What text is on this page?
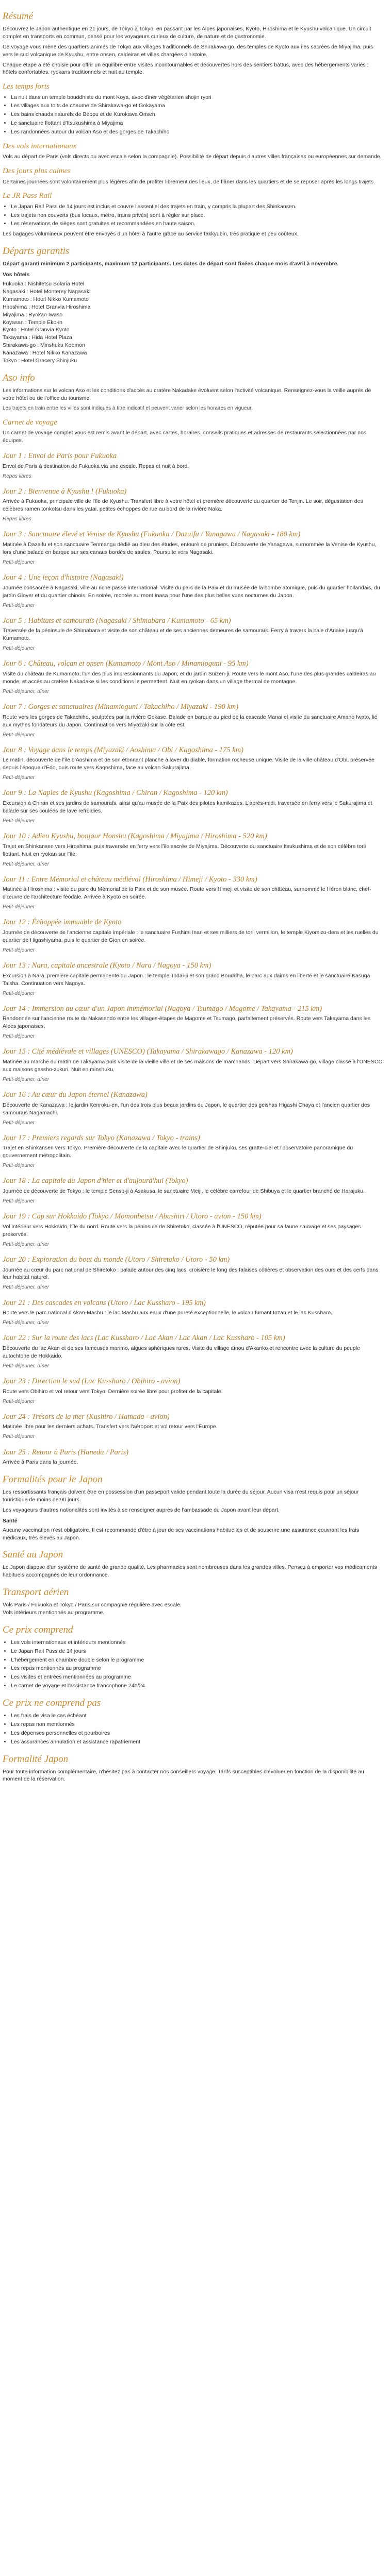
Résumé

Découvrez le Japon authentique en 21 jours, de Tokyo à Tokyo, en passant par les Alpes japonaises, Kyoto, Hiroshima et le Kyushu volcanique. Un circuit complet en transports en commun, pensé pour les voyageurs curieux de culture, de nature et de gastronomie.

Ce voyage vous mène des quartiers animés de Tokyo aux villages traditionnels de Shirakawa-go, des temples de Kyoto aux îles sacrées de Miyajima, puis vers le sud volcanique de Kyushu, entre onsen, caldeiras et villes chargées d'histoire.

Chaque étape a été choisie pour offrir un équilibre entre visites incontournables et découvertes hors des sentiers battus, avec des hébergements variés : hôtels confortables, ryokans traditionnels et nuit au temple.

Les temps forts
• La nuit dans un temple bouddhiste du mont Koya, avec dîner végétarien shojin ryori
• Les villages aux toits de chaume de Shirakawa-go et Gokayama
• Les bains chauds naturels de Beppu et de Kurokawa Onsen
• Le sanctuaire flottant d'Itsukushima à Miyajima
• Les randonnées autour du volcan Aso et des gorges de Takachiho
Des vols internationaux

Vols au départ de Paris (vols directs ou avec escale selon la compagnie). Possibilité de départ depuis d'autres villes françaises ou européennes sur demande.

Des jours plus calmes

Certaines journées sont volontairement plus légères afin de profiter librement des lieux, de flâner dans les quartiers et de se reposer après les longs trajets.

Le JR Pass Rail
• Le Japan Rail Pass de 14 jours est inclus et couvre l'essentiel des trajets en train, y compris la plupart des Shinkansen.
• Les trajets non couverts (bus locaux, métro, trains privés) sont à régler sur place.
• Les réservations de sièges sont gratuites et recommandées en haute saison.

Les bagages volumineux peuvent être envoyés d'un hôtel à l'autre grâce au service takkyubin, très pratique et peu coûteux.

Départs garantis

Départ garanti minimum 2 participants, maximum 12 participants. Les dates de départ sont fixées chaque mois d'avril à novembre.

Vos hôtels
Fukuoka : Nishitetsu Solaria Hotel
Nagasaki : Hotel Monterey Nagasaki
Kumamoto : Hotel Nikko Kumamoto
Hiroshima : Hotel Granvia Hiroshima
Miyajima : Ryokan Iwaso
Koyasan : Temple Eko-in
Kyoto : Hotel Granvia Kyoto
Takayama : Hida Hotel Plaza
Shirakawa-go : Minshuku Koemon
Kanazawa : Hotel Nikko Kanazawa
Tokyo : Hotel Gracery Shinjuku
Aso info

Les informations sur le volcan Aso et les conditions d'accès au cratère Nakadake évoluent selon l'activité volcanique. Renseignez-vous la veille auprès de votre hôtel ou de l'office du tourisme.

Les trajets en train entre les villes sont indiqués à titre indicatif et peuvent varier selon les horaires en vigueur.

Carnet de voyage

Un carnet de voyage complet vous est remis avant le départ, avec cartes, horaires, conseils pratiques et adresses de restaurants sélectionnées par nos équipes.

Jour 1 : Envol de Paris pour Fukuoka

Envol de Paris à destination de Fukuoka via une escale. Repas et nuit à bord.

Repas libres
Jour 2 : Bienvenue à Kyushu ! (Fukuoka)

Arrivée à Fukuoka, principale ville de l'île de Kyushu. Transfert libre à votre hôtel et première découverte du quartier de Tenjin. Le soir, dégustation des célèbres ramen tonkotsu dans les yatai, petites échoppes de rue au bord de la rivière Naka.

Repas libres
Jour 3 : Sanctuaire élevé et Venise de Kyushu (Fukuoka / Dazaifu / Yanagawa / Nagasaki - 180 km)

Matinée à Dazaifu et son sanctuaire Tenmangu dédié au dieu des études, entouré de pruniers. Découverte de Yanagawa, surnommée la Venise de Kyushu, lors d'une balade en barque sur ses canaux bordés de saules. Poursuite vers Nagasaki.

Petit-déjeuner
Jour 4 : Une leçon d'histoire (Nagasaki)

Journée consacrée à Nagasaki, ville au riche passé international. Visite du parc de la Paix et du musée de la bombe atomique, puis du quartier hollandais, du jardin Glover et du quartier chinois. En soirée, montée au mont Inasa pour l'une des plus belles vues nocturnes du Japon.

Petit-déjeuner
Jour 5 : Habitats et samouraïs (Nagasaki / Shimabara / Kumamoto - 65 km)

Traversée de la péninsule de Shimabara et visite de son château et de ses anciennes demeures de samouraïs. Ferry à travers la baie d'Ariake jusqu'à Kumamoto.

Petit-déjeuner
Jour 6 : Château, volcan et onsen (Kumamoto / Mont Aso / Minamioguni - 95 km)

Visite du château de Kumamoto, l'un des plus impressionnants du Japon, et du jardin Suizen-ji. Route vers le mont Aso, l'une des plus grandes caldeiras au monde, et accès au cratère Nakadake si les conditions le permettent. Nuit en ryokan dans un village thermal de montagne.

Petit-déjeuner, dîner
Jour 7 : Gorges et sanctuaires (Minamioguni / Takachiho / Miyazaki - 190 km)

Route vers les gorges de Takachiho, sculptées par la rivière Gokase. Balade en barque au pied de la cascade Manai et visite du sanctuaire Amano Iwato, lié aux mythes fondateurs du Japon. Continuation vers Miyazaki sur la côte est.

Petit-déjeuner
Jour 8 : Voyage dans le temps (Miyazaki / Aoshima / Obi / Kagoshima - 175 km)

Le matin, découverte de l'île d'Aoshima et de son étonnant planche à laver du diable, formation rocheuse unique. Visite de la ville-château d'Obi, préservée depuis l'époque d'Edo, puis route vers Kagoshima, face au volcan Sakurajima.

Petit-déjeuner
Jour 9 : La Naples de Kyushu (Kagoshima / Chiran / Kagoshima - 120 km)

Excursion à Chiran et ses jardins de samouraïs, ainsi qu'au musée de la Paix des pilotes kamikazes. L'après-midi, traversée en ferry vers le Sakurajima et balade sur ses coulées de lave refroidies.

Petit-déjeuner
Jour 10 : Adieu Kyushu, bonjour Honshu (Kagoshima / Miyajima / Hiroshima - 520 km)

Trajet en Shinkansen vers Hiroshima, puis traversée en ferry vers l'île sacrée de Miyajima. Découverte du sanctuaire Itsukushima et de son célèbre torii flottant. Nuit en ryokan sur l'île.

Petit-déjeuner, dîner
Jour 11 : Entre Mémorial et château médiéval (Hiroshima / Himeji / Kyoto - 330 km)

Matinée à Hiroshima : visite du parc du Mémorial de la Paix et de son musée. Route vers Himeji et visite de son château, surnommé le Héron blanc, chef-d'œuvre de l'architecture féodale. Arrivée à Kyoto en soirée.

Petit-déjeuner
Jour 12 : Échappée immuable de Kyoto

Journée de découverte de l'ancienne capitale impériale : le sanctuaire Fushimi Inari et ses milliers de torii vermillon, le temple Kiyomizu-dera et les ruelles du quartier de Higashiyama, puis le quartier de Gion en soirée.

Petit-déjeuner
Jour 13 : Nara, capitale ancestrale (Kyoto / Nara / Nagoya - 150 km)

Excursion à Nara, première capitale permanente du Japon : le temple Todai-ji et son grand Bouddha, le parc aux daims en liberté et le sanctuaire Kasuga Taisha. Continuation vers Nagoya.

Petit-déjeuner
Jour 14 : Immersion au cœur d'un Japon immémorial (Nagoya / Tsumago / Magome / Takayama - 215 km)

Randonnée sur l'ancienne route du Nakasendo entre les villages-étapes de Magome et Tsumago, parfaitement préservés. Route vers Takayama dans les Alpes japonaises.

Petit-déjeuner
Jour 15 : Cité médiévale et villages (UNESCO) (Takayama / Shirakawago / Kanazawa - 120 km)

Matinée au marché du matin de Takayama puis visite de la vieille ville et de ses maisons de marchands. Départ vers Shirakawa-go, village classé à l'UNESCO aux maisons gassho-zukuri. Nuit en minshuku.

Petit-déjeuner, dîner
Jour 16 : Au cœur du Japon éternel (Kanazawa)

Découverte de Kanazawa : le jardin Kenroku-en, l'un des trois plus beaux jardins du Japon, le quartier des geishas Higashi Chaya et l'ancien quartier des samouraïs Nagamachi.

Petit-déjeuner
Jour 17 : Premiers regards sur Tokyo (Kanazawa / Tokyo - trains)

Trajet en Shinkansen vers Tokyo. Première découverte de la capitale avec le quartier de Shinjuku, ses gratte-ciel et l'observatoire panoramique du gouvernement métropolitain.

Petit-déjeuner
Jour 18 : La capitale du Japon d'hier et d'aujourd'hui (Tokyo)

Journée de découverte de Tokyo : le temple Senso-ji à Asakusa, le sanctuaire Meiji, le célèbre carrefour de Shibuya et le quartier branché de Harajuku.

Petit-déjeuner
Jour 19 : Cap sur Hokkaido (Tokyo / Momonbetsu / Abashiri / Utoro - avion - 150 km)

Vol intérieur vers Hokkaido, l'île du nord. Route vers la péninsule de Shiretoko, classée à l'UNESCO, réputée pour sa faune sauvage et ses paysages préservés.

Petit-déjeuner, dîner
Jour 20 : Exploration du bout du monde (Utoro / Shiretoko / Utoro - 50 km)

Journée au cœur du parc national de Shiretoko : balade autour des cinq lacs, croisière le long des falaises côtières et observation des ours et des cerfs dans leur habitat naturel.

Petit-déjeuner, dîner
Jour 21 : Des cascades en volcans (Utoro / Lac Kussharo - 195 km)

Route vers le parc national d'Akan-Mashu : le lac Mashu aux eaux d'une pureté exceptionnelle, le volcan fumant Iozan et le lac Kussharo.

Petit-déjeuner, dîner
Jour 22 : Sur la route des lacs (Lac Kussharo / Lac Akan / Lac Akan / Lac Kussharo - 105 km)

Découverte du lac Akan et de ses fameuses marimo, algues sphériques rares. Visite du village aïnou d'Akanko et rencontre avec la culture du peuple autochtone de Hokkaido.

Petit-déjeuner, dîner
Jour 23 : Direction le sud (Lac Kussharo / Obihiro - avion)

Route vers Obihiro et vol retour vers Tokyo. Dernière soirée libre pour profiter de la capitale.

Petit-déjeuner
Jour 24 : Trésors de la mer (Kushiro / Hamada - avion)

Matinée libre pour les derniers achats. Transfert vers l'aéroport et vol retour vers l'Europe.

Petit-déjeuner
Jour 25 : Retour à Paris (Haneda / Paris)

Arrivée à Paris dans la journée.

Formalités pour le Japon

Les ressortissants français doivent être en possession d'un passeport valide pendant toute la durée du séjour. Aucun visa n'est requis pour un séjour touristique de moins de 90 jours.

Les voyageurs d'autres nationalités sont invités à se renseigner auprès de l'ambassade du Japon avant leur départ.

Santé

Aucune vaccination n'est obligatoire. Il est recommandé d'être à jour de ses vaccinations habituelles et de souscrire une assurance couvrant les frais médicaux, très élevés au Japon.

Santé au Japon

Le Japon dispose d'un système de santé de grande qualité. Les pharmacies sont nombreuses dans les grandes villes. Pensez à emporter vos médicaments habituels accompagnés de leur ordonnance.

Transport aérien
Vols Paris / Fukuoka et Tokyo / Paris sur compagnie régulière avec escale.
Vols intérieurs mentionnés au programme.
Ce prix comprend
• Les vols internationaux et intérieurs mentionnés
• Le Japan Rail Pass de 14 jours
• L'hébergement en chambre double selon le programme
• Les repas mentionnés au programme
• Les visites et entrées mentionnées au programme
• Le carnet de voyage et l'assistance francophone 24h/24
Ce prix ne comprend pas
• Les frais de visa le cas échéant
• Les repas non mentionnés
• Les dépenses personnelles et pourboires
• Les assurances annulation et assistance rapatriement
Formalité Japon

Pour toute information complémentaire, n'hésitez pas à contacter nos conseillers voyage. Tarifs susceptibles d'évoluer en fonction de la disponibilité au moment de la réservation.
